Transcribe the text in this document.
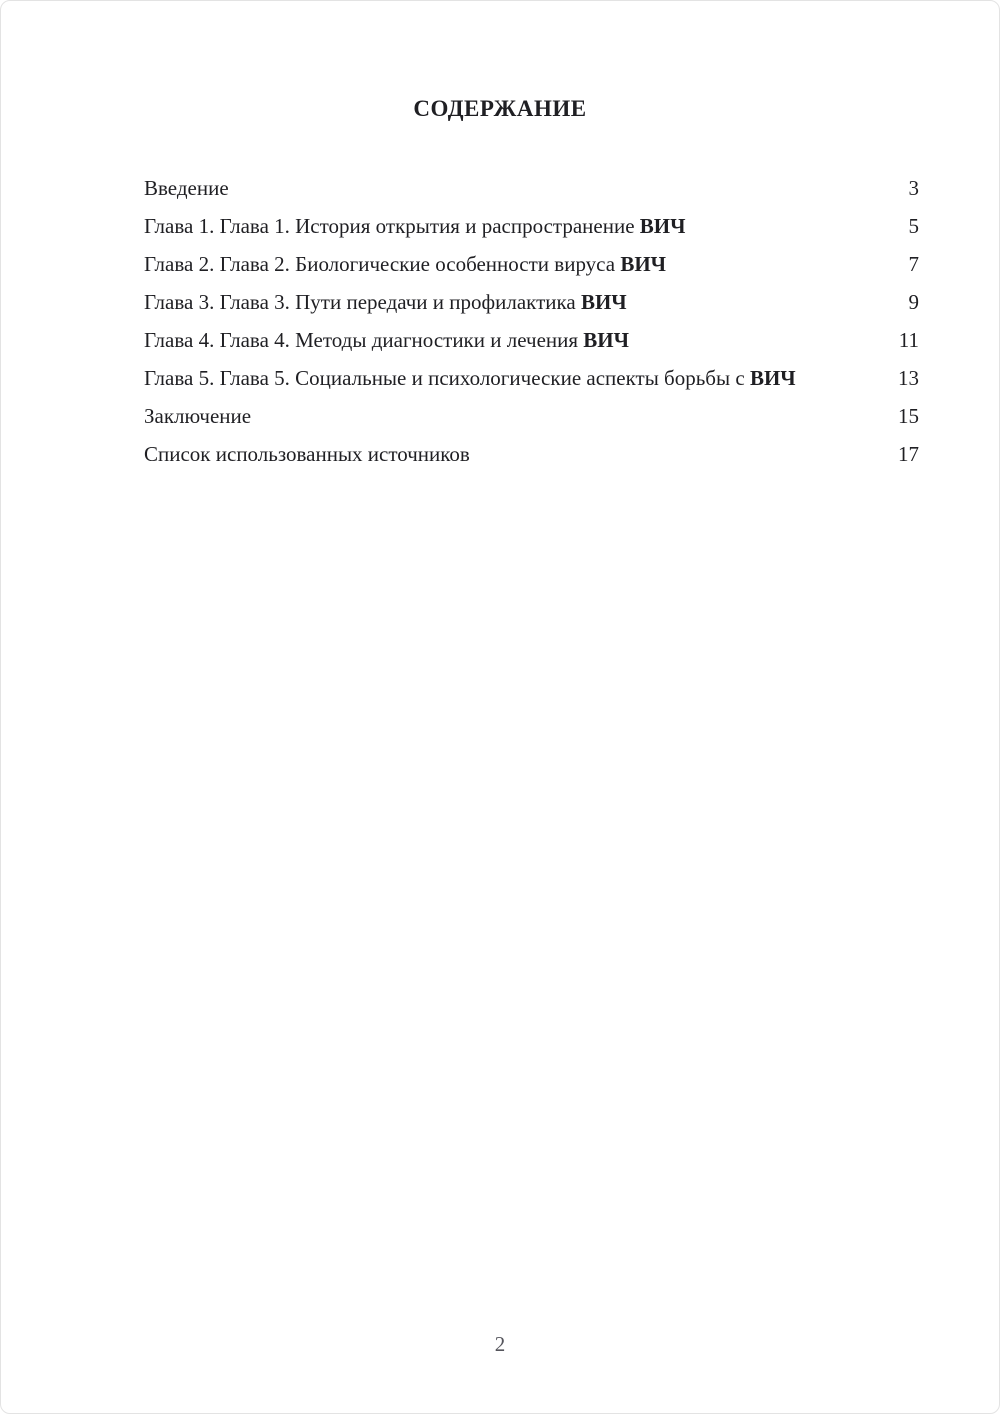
СОДЕРЖАНИЕ
Введение	3
Глава 1. Глава 1. История открытия и распространение ВИЧ	5
Глава 2. Глава 2. Биологические особенности вируса ВИЧ	7
Глава 3. Глава 3. Пути передачи и профилактика ВИЧ	9
Глава 4. Глава 4. Методы диагностики и лечения ВИЧ	11
Глава 5. Глава 5. Социальные и психологические аспекты борьбы с ВИЧ	13
Заключение	15
Список использованных источников	17
2
